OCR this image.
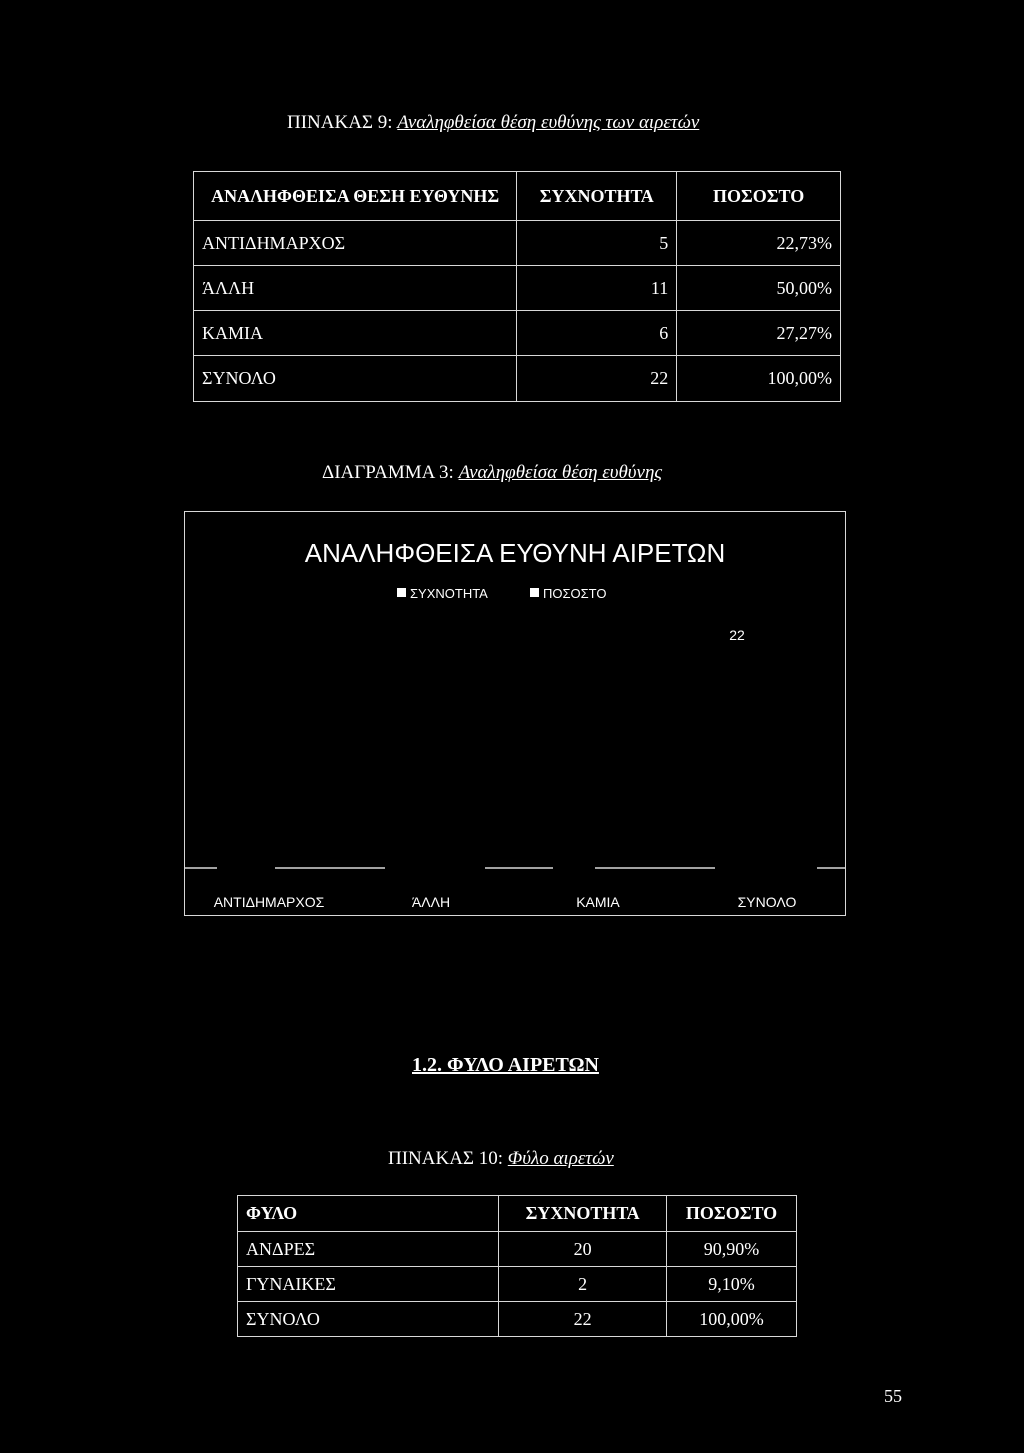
ΠΙΝΑΚΑΣ 9: Αναληφθείσα θέση ευθύνης των αιρετών
ΑΝΑΛΗΦΘΕΙΣΑ ΘΕΣΗ ΕΥΘΥΝΗΣ	ΣΥΧΝΟΤΗΤΑ	ΠΟΣΟΣΤΟ
ΑΝΤΙΔΗΜΑΡΧΟΣ	5	22,73%
ΆΛΛΗ	11	50,00%
ΚΑΜΙΑ	6	27,27%
ΣΥΝΟΛΟ	22	100,00%
ΔΙΑΓΡΑΜΜΑ 3: Αναληφθείσα θέση ευθύνης
ΑΝΑΛΗΦΘΕΙΣΑ ΕΥΘΥΝΗ ΑΙΡΕΤΩΝ
ΣΥΧΝΟΤΗΤΑ	ΠΟΣΟΣΤΟ
22
ΑΝΤΙΔΗΜΑΡΧΟΣ	ΆΛΛΗ	ΚΑΜΙΑ	ΣΥΝΟΛΟ
1.2. ΦΥΛΟ ΑΙΡΕΤΩΝ
ΠΙΝΑΚΑΣ 10: Φύλο αιρετών
ΦΥΛΟ	ΣΥΧΝΟΤΗΤΑ	ΠΟΣΟΣΤΟ
ΑΝΔΡΕΣ	20	90,90%
ΓΥΝΑΙΚΕΣ	2	9,10%
ΣΥΝΟΛΟ	22	100,00%
55
